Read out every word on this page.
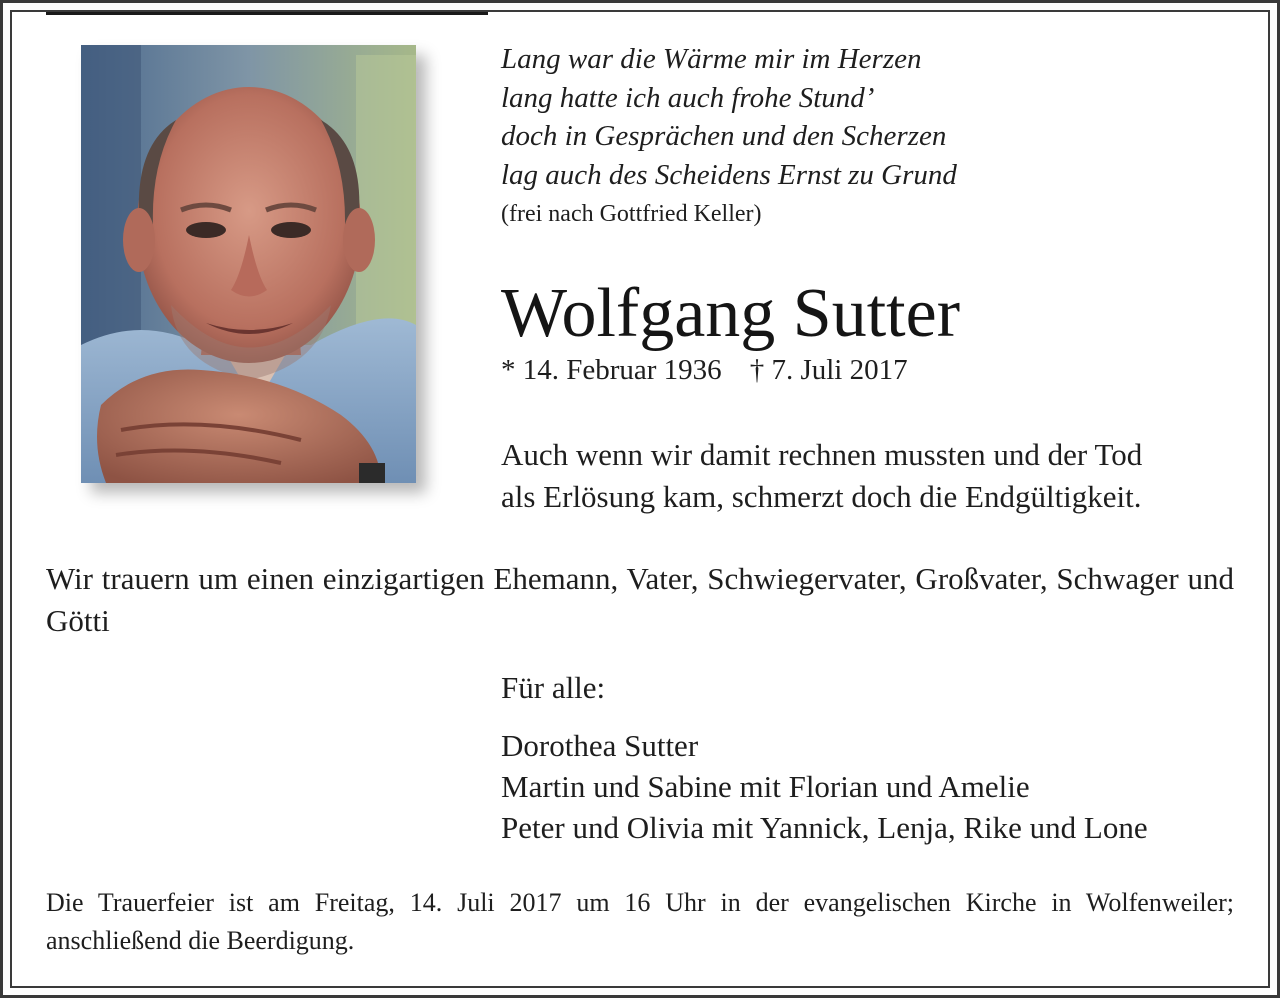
Lang war die Wärme mir im Herzen
lang hatte ich auch frohe Stund’
doch in Gesprächen und den Scherzen
lag auch des Scheidens Ernst zu Grund
(frei nach Gottfried Keller)
Wolfgang Sutter
* 14. Februar 1936 † 7. Juli 2017
Auch wenn wir damit rechnen mussten und der Tod
als Erlösung kam, schmerzt doch die Endgültigkeit.
Wir trauern um einen einzigartigen Ehemann, Vater, Schwiegervater, Großvater, Schwager und Götti
Für alle:
Dorothea Sutter
Martin und Sabine mit Florian und Amelie
Peter und Olivia mit Yannick, Lenja, Rike und Lone
Die Trauerfeier ist am Freitag, 14. Juli 2017 um 16 Uhr in der evangelischen Kirche in Wolfenweiler; anschließend die Beerdigung.
